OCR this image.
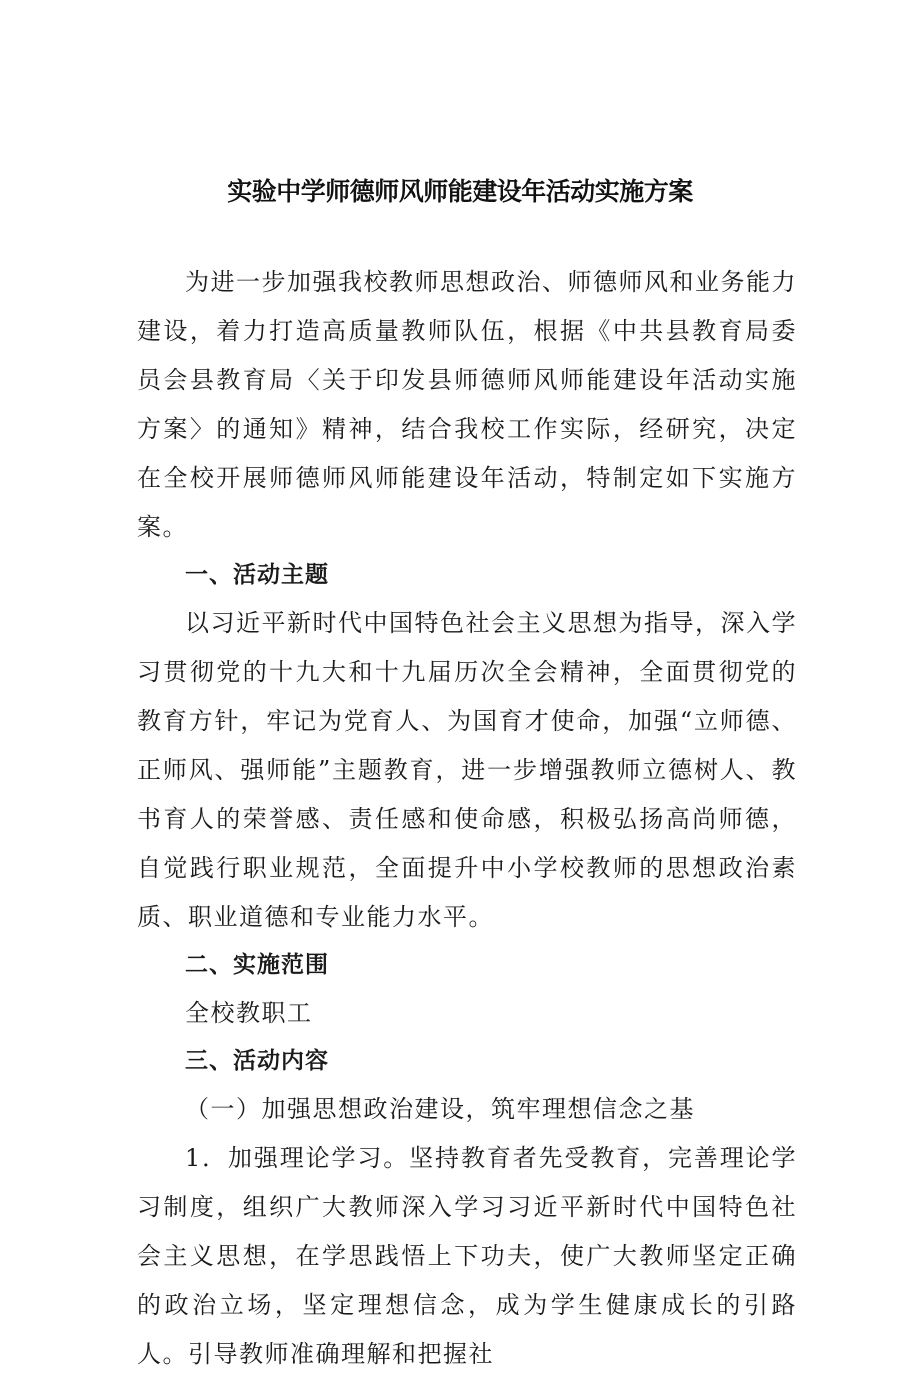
实验中学师德师风师能建设年活动实施方案

为进一步加强我校教师思想政治、师德师风和业务能力建设，着力打造高质量教师队伍，根据《中共县教育局委员会县教育局〈关于印发县师德师风师能建设年活动实施方案〉的通知》精神，结合我校工作实际，经研究，决定在全校开展师德师风师能建设年活动，特制定如下实施方案。

一、活动主题

以习近平新时代中国特色社会主义思想为指导，深入学习贯彻党的十九大和十九届历次全会精神，全面贯彻党的教育方针，牢记为党育人、为国育才使命，加强“立师德、正师风、强师能”主题教育，进一步增强教师立德树人、教书育人的荣誉感、责任感和使命感，积极弘扬高尚师德，自觉践行职业规范，全面提升中小学校教师的思想政治素质、职业道德和专业能力水平。

二、实施范围

全校教职工

三、活动内容

（一）加强思想政治建设，筑牢理想信念之基

1．加强理论学习。坚持教育者先受教育，完善理论学习制度，组织广大教师深入学习习近平新时代中国特色社会主义思想，在学思践悟上下功夫，使广大教师坚定正确的政治立场，坚定理想信念，成为学生健康成长的引路人。引导教师准确理解和把握社
